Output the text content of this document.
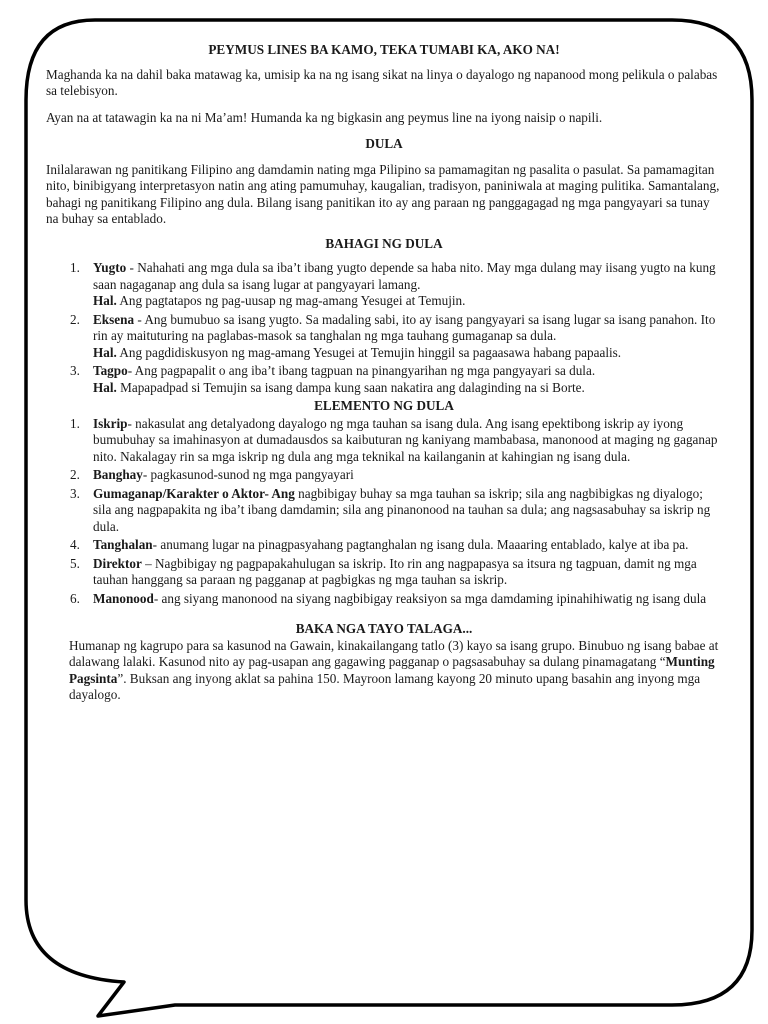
PEYMUS LINES BA KAMO, TEKA TUMABI KA, AKO NA!

Maghanda ka na dahil baka matawag ka, umisip ka na ng isang sikat na linya o dayalogo ng napanood mong pelikula o palabas sa telebisyon.

Ayan na at tatawagin ka na ni Ma’am! Humanda ka ng bigkasin ang peymus line na iyong naisip o napili.

DULA

Inilalarawan ng panitikang Filipino ang damdamin nating mga Pilipino sa pamamagitan ng pasalita o pasulat. Sa pamamagitan nito, binibigyang interpretasyon natin ang ating pamumuhay, kaugalian, tradisyon, paniniwala at maging pulitika. Samantalang, bahagi ng panitikang Filipino ang dula. Bilang isang panitikan ito ay ang paraan ng panggagagad ng mga pangyayari sa tunay na buhay sa entablado.

BAHAGI NG DULA
1. Yugto - Nahahati ang mga dula sa iba’t ibang yugto depende sa haba nito. May mga dulang may iisang yugto na kung saan nagaganap ang dula sa isang lugar at pangyayari lamang.
Hal. Ang pagtatapos ng pag-uusap ng mag-amang Yesugei at Temujin.
2. Eksena - Ang bumubuo sa isang yugto. Sa madaling sabi, ito ay isang pangyayari sa isang lugar sa isang panahon. Ito rin ay maituturing na paglabas-masok sa tanghalan ng mga tauhang gumaganap sa dula.
Hal. Ang pagdidiskusyon ng mag-amang Yesugei at Temujin hinggil sa pagaasawa habang papaalis.
3. Tagpo- Ang pagpapalit o ang iba’t ibang tagpuan na pinangyarihan ng mga pangyayari sa dula.
Hal. Mapapadpad si Temujin sa isang dampa kung saan nakatira ang dalaginding na si Borte.
ELEMENTO NG DULA
1. Iskrip- nakasulat ang detalyadong dayalogo ng mga tauhan sa isang dula. Ang isang epektibong iskrip ay iyong bumubuhay sa imahinasyon at dumadausdos sa kaibuturan ng kaniyang mambabasa, manonood at maging ng gaganap nito. Nakalagay rin sa mga iskrip ng dula ang mga teknikal na kailanganin at kahingian ng isang dula.
2. Banghay- pagkasunod-sunod ng mga pangyayari
3. Gumaganap/Karakter o Aktor- Ang nagbibigay buhay sa mga tauhan sa iskrip; sila ang nagbibigkas ng diyalogo; sila ang nagpapakita ng iba’t ibang damdamin; sila ang pinanonood na tauhan sa dula; ang nagsasabuhay sa iskrip ng dula.
4. Tanghalan- anumang lugar na pinagpasyahang pagtanghalan ng isang dula. Maaaring entablado, kalye at iba pa.
5. Direktor – Nagbibigay ng pagpapakahulugan sa iskrip. Ito rin ang nagpapasya sa itsura ng tagpuan, damit ng mga tauhan hanggang sa paraan ng pagganap at pagbigkas ng mga tauhan sa iskrip.
6. Manonood- ang siyang manonood na siyang nagbibigay reaksiyon sa mga damdaming ipinahihiwatig ng isang dula
BAKA NGA TAYO TALAGA...

Humanap ng kagrupo para sa kasunod na Gawain, kinakailangang tatlo (3) kayo sa isang grupo. Binubuo ng isang babae at dalawang lalaki. Kasunod nito ay pag-usapan ang gagawing pagganap o pagsasabuhay sa dulang pinamagatang “Munting Pagsinta”. Buksan ang inyong aklat sa pahina 150. Mayroon lamang kayong 20 minuto upang basahin ang inyong mga dayalogo.
